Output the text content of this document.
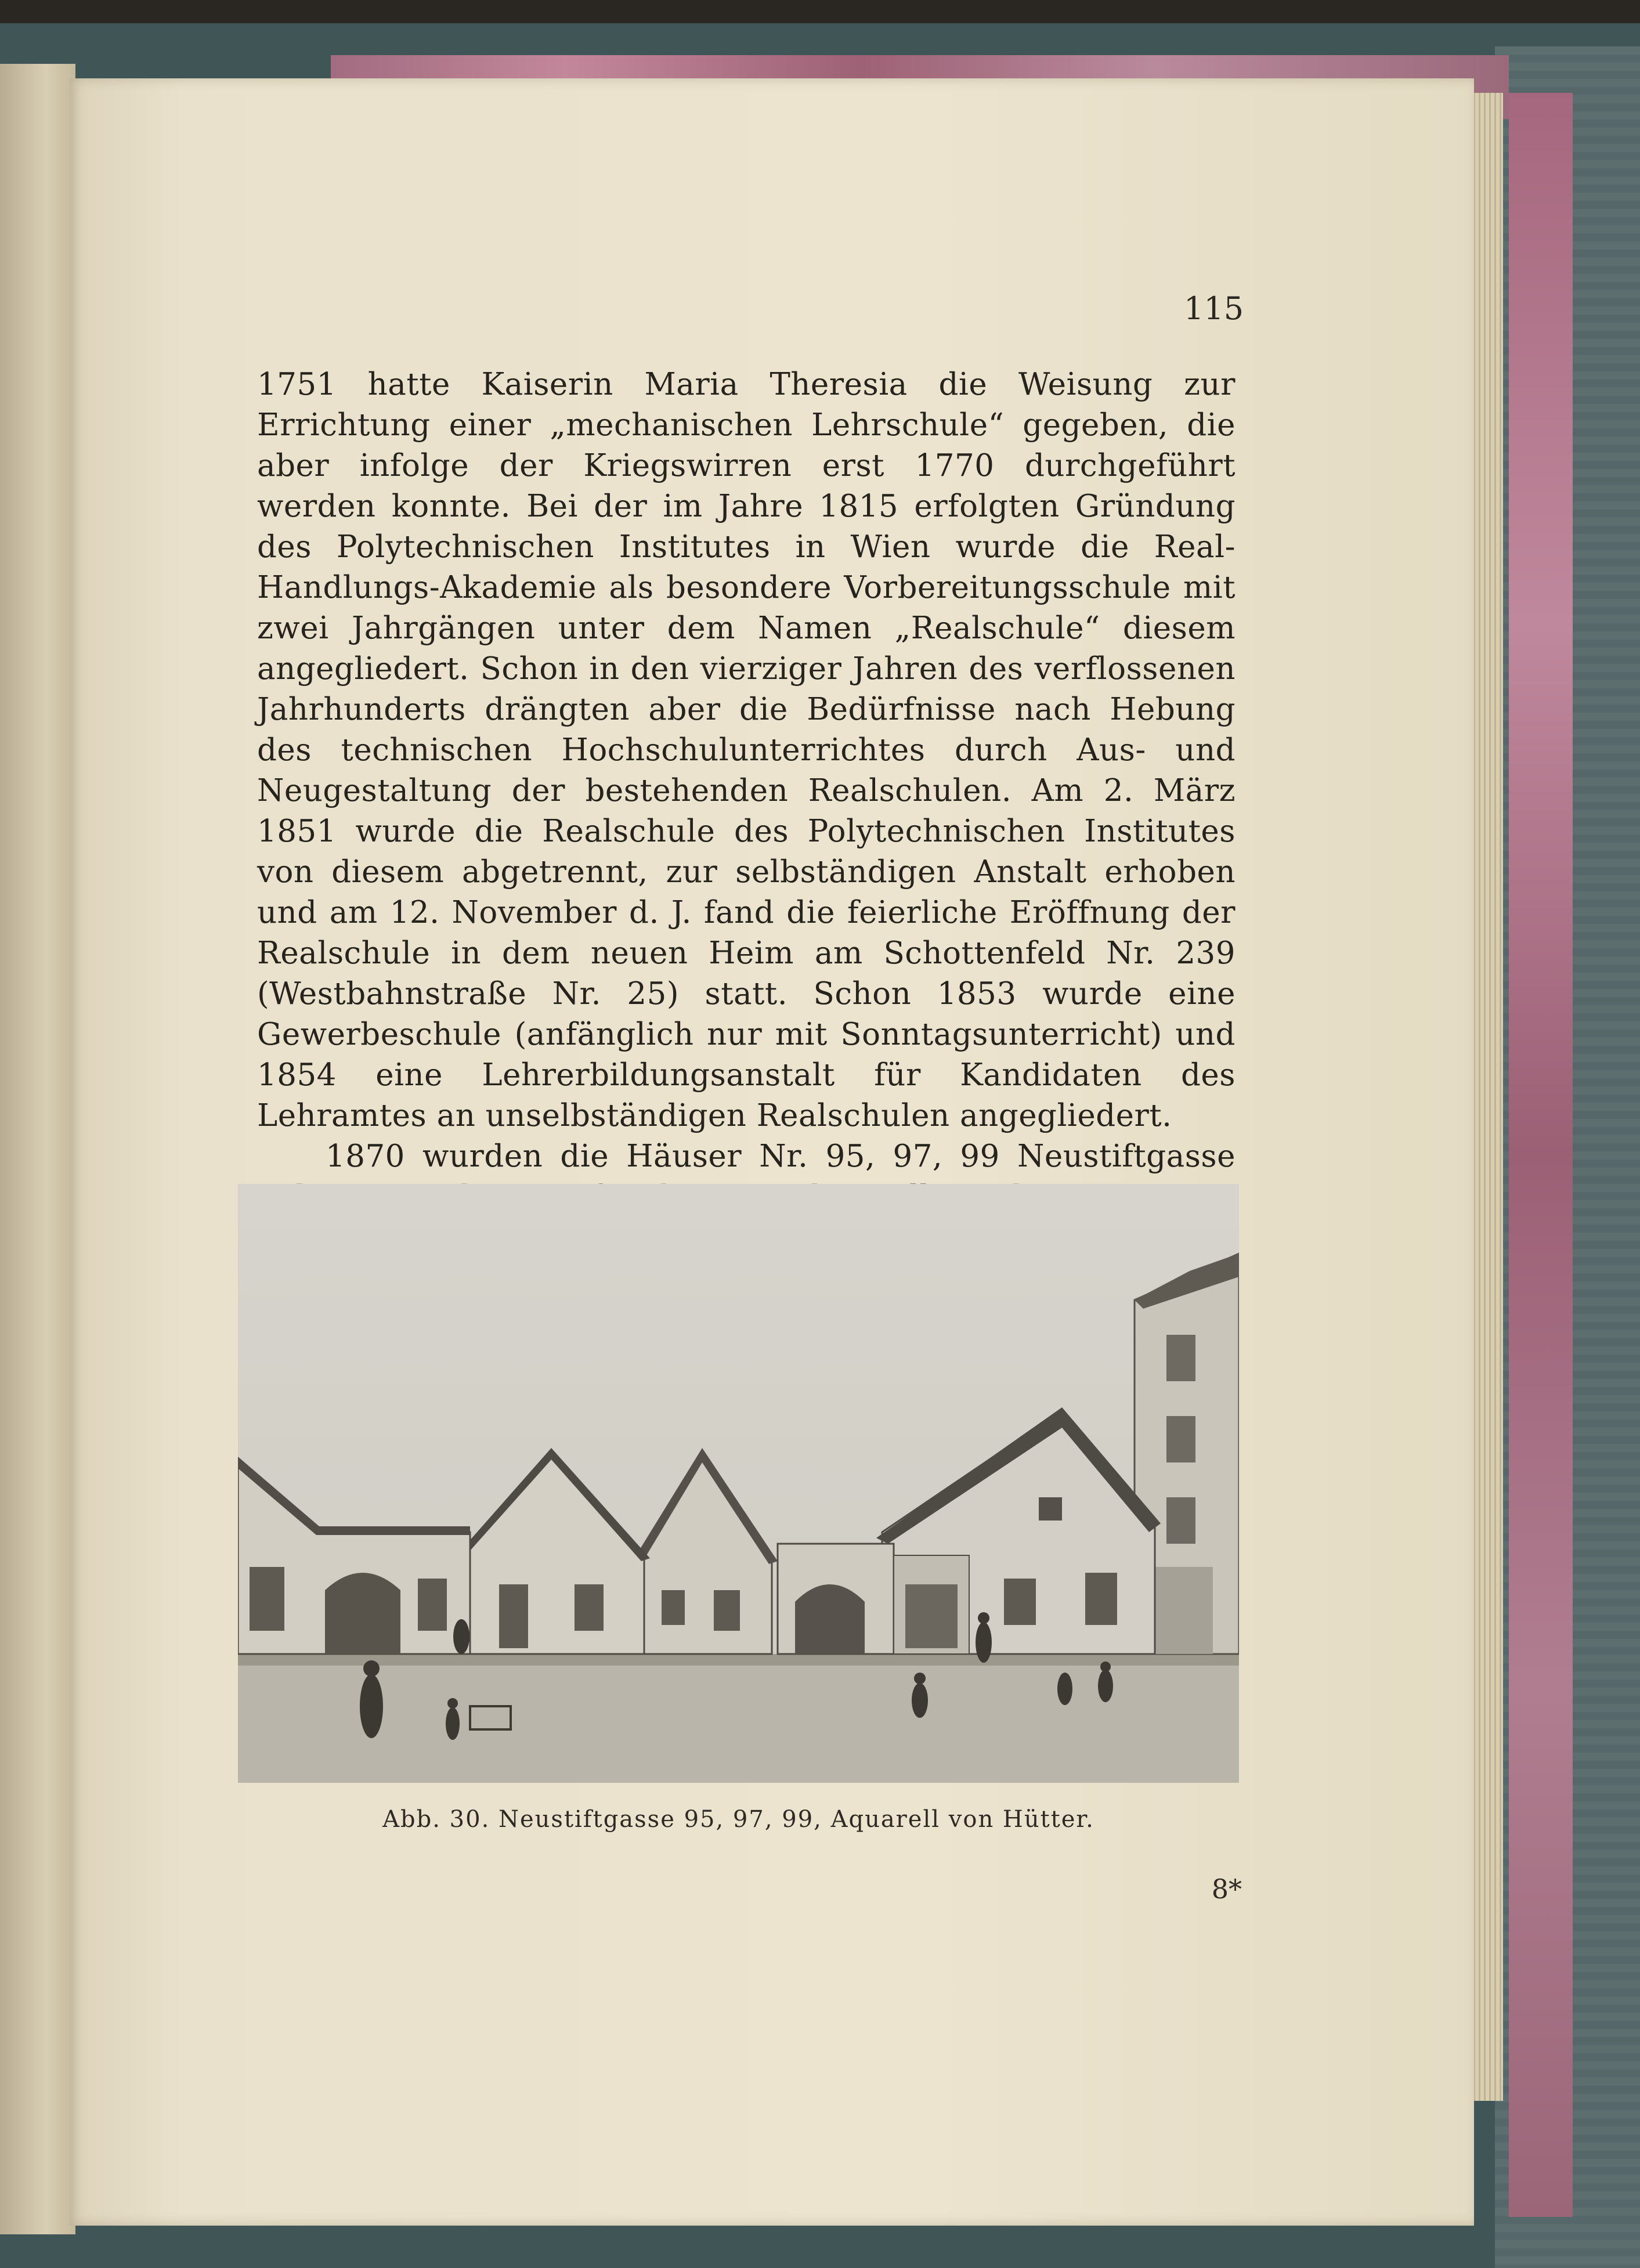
115

1751 hatte Kaiserin Maria Theresia die Weisung zur Errichtung einer „mechanischen Lehrschule“ gegeben, die aber infolge der Kriegswirren erst 1770 durchgeführt werden konnte. Bei der im Jahre 1815 erfolgten Gründung des Polytechnischen Institutes in Wien wurde die Real-Handlungs-Akademie als besondere Vorbereitungsschule mit zwei Jahrgängen unter dem Namen „Realschule“ diesem angegliedert. Schon in den vierziger Jahren des verflossenen Jahrhunderts drängten aber die Bedürfnisse nach Hebung des technischen Hochschulunterrichtes durch Aus- und Neugestaltung der bestehenden Realschulen. Am 2. März 1851 wurde die Realschule des Polytechnischen Institutes von diesem abgetrennt, zur selbständigen Anstalt erhoben und am 12. November d. J. fand die feierliche Eröffnung der Realschule in dem neuen Heim am Schottenfeld Nr. 239 (Westbahnstraße Nr. 25) statt. Schon 1853 wurde eine Gewerbeschule (anfänglich nur mit Sonntagsunterricht) und 1854 eine Lehrerbildungsanstalt für Kandidaten des Lehramtes an unselbständigen Realschulen angegliedert.

1870 wurden die Häuser Nr. 95, 97, 99 Neustiftgasse

Abb. 30. Neustiftgasse 95, 97, 99, Aquarell von Hütter.
8*
